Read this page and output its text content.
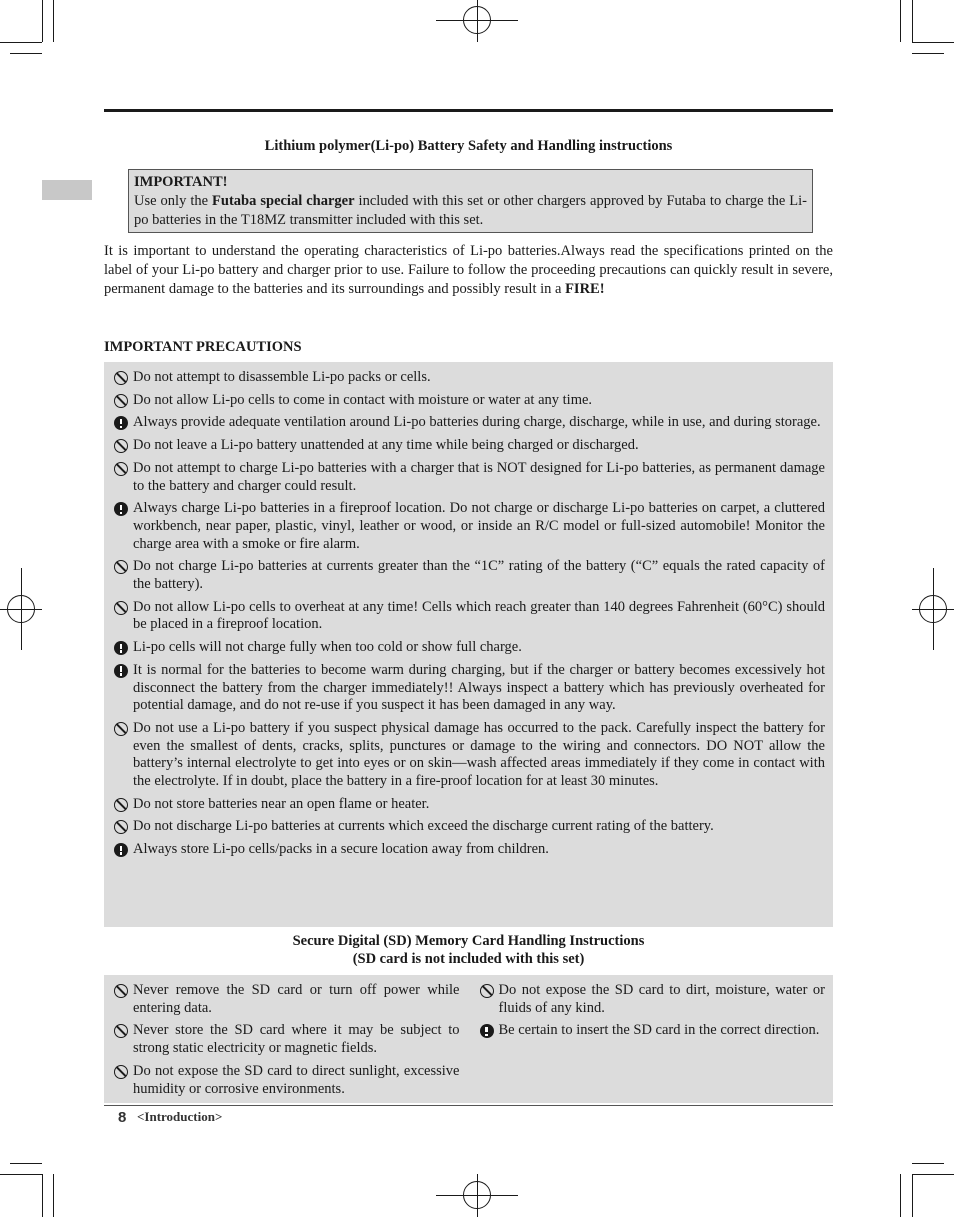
Lithium polymer(Li-po) Battery Safety and Handling instructions
IMPORTANT!
Use only the Futaba special charger included with this set or other chargers approved by Futaba to charge the Li-po batteries in the T18MZ transmitter included with this set.
It is important to understand the operating characteristics of Li-po batteries.Always read the specifications printed on the label of your Li-po battery and charger prior to use. Failure to follow the proceeding precautions can quickly result in severe, permanent damage to the batteries and its surroundings and possibly result in a FIRE!
IMPORTANT PRECAUTIONS
Do not attempt to disassemble Li-po packs or cells.
Do not allow Li-po cells to come in contact with moisture or water at any time.
Always provide adequate ventilation around Li-po batteries during charge, discharge, while in use, and during storage.
Do not leave a Li-po battery unattended at any time while being charged or discharged.
Do not attempt to charge Li-po batteries with a charger that is NOT designed for Li-po batteries, as permanent damage to the battery and charger could result.
Always charge Li-po batteries in a fireproof location. Do not charge or discharge Li-po batteries on carpet, a cluttered workbench, near paper, plastic, vinyl, leather or wood, or inside an R/C model or full-sized automobile! Monitor the charge area with a smoke or fire alarm.
Do not charge Li-po batteries at currents greater than the “1C” rating of the battery (“C” equals the rated capacity of the battery).
Do not allow Li-po cells to overheat at any time! Cells which reach greater than 140 degrees Fahrenheit (60°C) should be placed in a fireproof location.
Li-po cells will not charge fully when too cold or show full charge.
It is normal for the batteries to become warm during charging, but if the charger or battery becomes excessively hot disconnect the battery from the charger immediately!! Always inspect a battery which has previously overheated for potential damage, and do not re-use if you suspect it has been damaged in any way.
Do not use a Li-po battery if you suspect physical damage has occurred to the pack. Carefully inspect the battery for even the smallest of dents, cracks, splits, punctures or damage to the wiring and connectors. DO NOT allow the battery’s internal electrolyte to get into eyes or on skin—wash affected areas immediately if they come in contact with the electrolyte. If in doubt, place the battery in a fire-proof location for at least 30 minutes.
Do not store batteries near an open flame or heater.
Do not discharge Li-po batteries at currents which exceed the discharge current rating of the battery.
Always store Li-po cells/packs in a secure location away from children.
Secure Digital (SD) Memory Card Handling Instructions
(SD card is not included with this set)
Never remove the SD card or turn off power while entering data.
Never store the SD card where it may be subject to strong static electricity or magnetic fields.
Do not expose the SD card to direct sunlight, excessive humidity or corrosive environments.
Do not expose the SD card to dirt, moisture, water or fluids of any kind.
Be certain to insert the SD card in the correct direction.
8 <Introduction>
